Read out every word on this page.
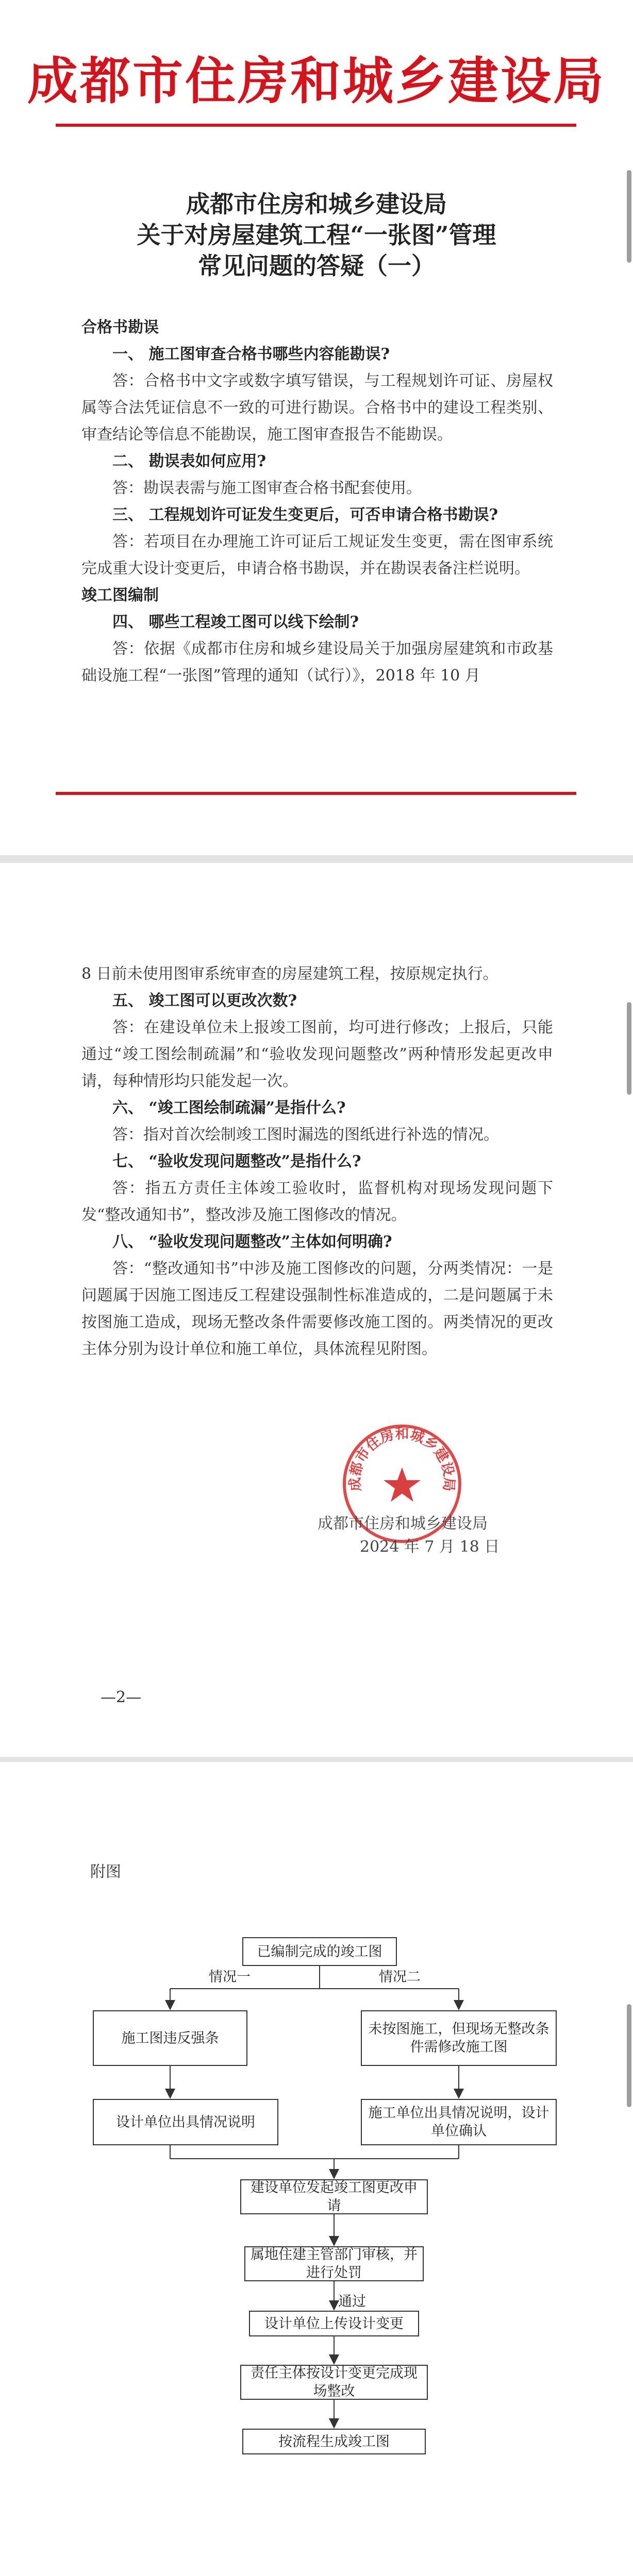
成都市住房和城乡建设局
成都市住房和城乡建设局
关于对房屋建筑工程“一张图”管理
常见问题的答疑（一）

合格书勘误

一、 施工图审查合格书哪些内容能勘误?

答：合格书中文字或数字填写错误，与工程规划许可证、房屋权属等合法凭证信息不一致的可进行勘误。合格书中的建设工程类别、审查结论等信息不能勘误，施工图审查报告不能勘误。

二、 勘误表如何应用?

答：勘误表需与施工图审查合格书配套使用。

三、 工程规划许可证发生变更后，可否申请合格书勘误?

答：若项目在办理施工许可证后工规证发生变更，需在图审系统完成重大设计变更后，申请合格书勘误，并在勘误表备注栏说明。

竣工图编制

四、 哪些工程竣工图可以线下绘制?

答：依据《成都市住房和城乡建设局关于加强房屋建筑和市政基础设施工程“一张图”管理的通知（试行）》，2018 年 10 月

8 日前未使用图审系统审查的房屋建筑工程，按原规定执行。

五、 竣工图可以更改次数?

答：在建设单位未上报竣工图前，均可进行修改；上报后，只能通过“竣工图绘制疏漏”和“验收发现问题整改”两种情形发起更改申请，每种情形均只能发起一次。

六、 “竣工图绘制疏漏”是指什么?

答：指对首次绘制竣工图时漏选的图纸进行补选的情况。

七、 “验收发现问题整改”是指什么?

答：指五方责任主体竣工验收时，监督机构对现场发现问题下发“整改通知书”，整改涉及施工图修改的情况。

八、 “验收发现问题整改”主体如何明确?

答：“整改通知书”中涉及施工图修改的问题，分两类情况：一是问题属于因施工图违反工程建设强制性标准造成的，二是问题属于未按图施工造成，现场无整改条件需要修改施工图的。两类情况的更改主体分别为设计单位和施工单位，具体流程见附图。

成都市住房和城乡建设局
成都市住房和城乡建设局
2024 年 7 月 18 日
—2—
附图
已编制完成的竣工图
情况一	情况二
施工图违反强条
未按图施工，但现场无整改条件需修改施工图
设计单位出具情况说明
施工单位出具情况说明，设计单位确认
建设单位发起竣工图更改申请
属地住建主管部门审核，并进行处罚
通过
设计单位上传设计变更
责任主体按设计变更完成现场整改
按流程生成竣工图
